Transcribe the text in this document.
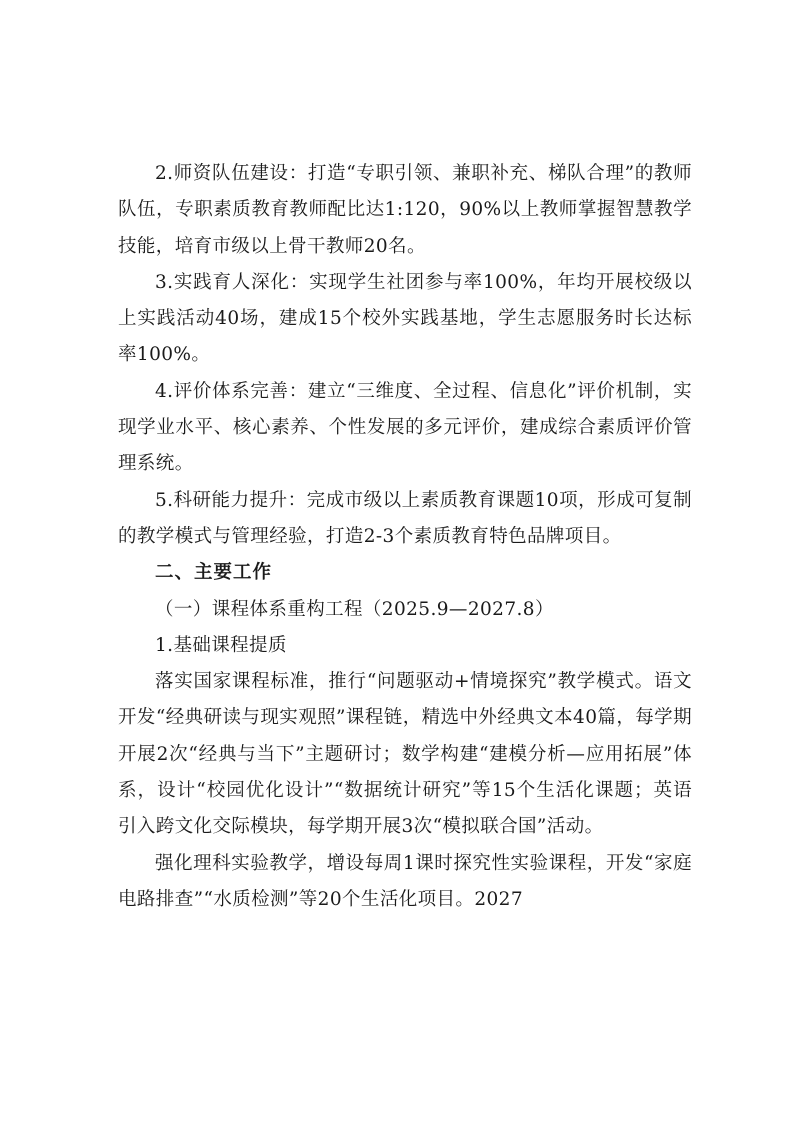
2.师资队伍建设：打造“专职引领、兼职补充、梯队合理”的教师队伍，专职素质教育教师配比达1:120，90%以上教师掌握智慧教学技能，培育市级以上骨干教师20名。

3.实践育人深化：实现学生社团参与率100%，年均开展校级以上实践活动40场，建成15个校外实践基地，学生志愿服务时长达标率100%。

4.评价体系完善：建立“三维度、全过程、信息化”评价机制，实现学业水平、核心素养、个性发展的多元评价，建成综合素质评价管理系统。

5.科研能力提升：完成市级以上素质教育课题10项，形成可复制的教学模式与管理经验，打造2-3个素质教育特色品牌项目。

二、主要工作

（一）课程体系重构工程（2025.9—2027.8）

1.基础课程提质

落实国家课程标准，推行“问题驱动+情境探究”教学模式。语文开发“经典研读与现实观照”课程链，精选中外经典文本40篇，每学期开展2次“经典与当下”主题研讨；数学构建“建模分析—应用拓展”体系，设计“校园优化设计”“数据统计研究”等15个生活化课题；英语引入跨文化交际模块，每学期开展3次“模拟联合国”活动。

强化理科实验教学，增设每周1课时探究性实验课程，开发“家庭电路排查”“水质检测”等20个生活化项目。2027
